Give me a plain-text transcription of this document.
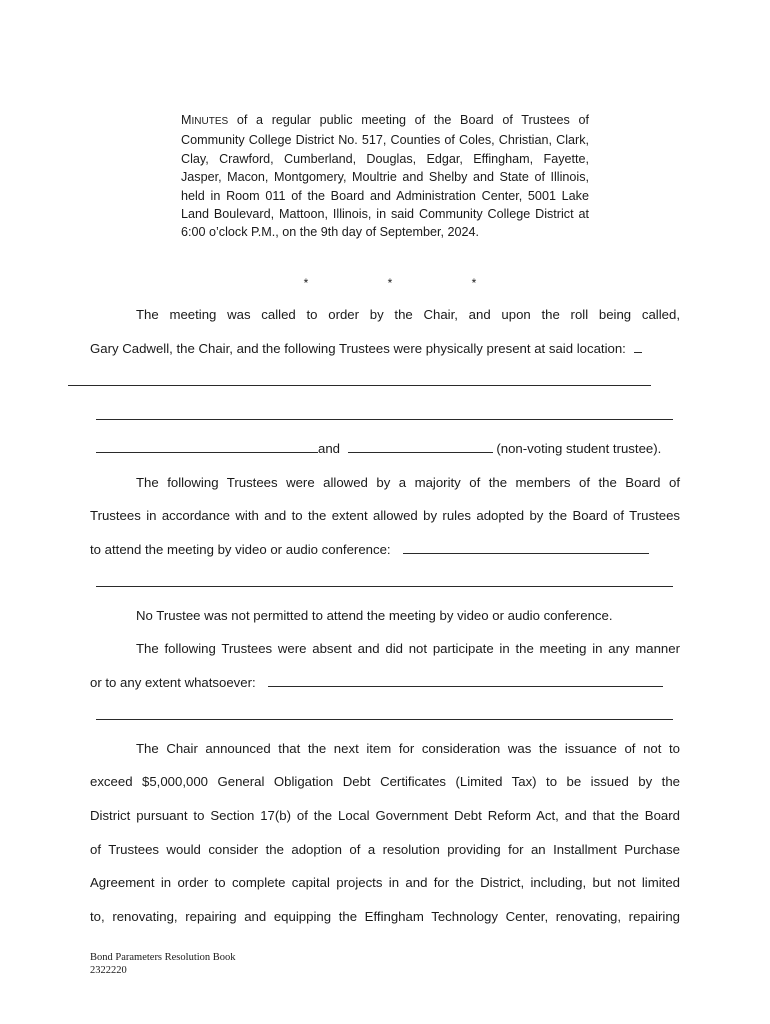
MINUTES of a regular public meeting of the Board of Trustees of Community College District No. 517, Counties of Coles, Christian, Clark, Clay, Crawford, Cumberland, Douglas, Edgar, Effingham, Fayette, Jasper, Macon, Montgomery, Moultrie and Shelby and State of Illinois, held in Room 011 of the Board and Administration Center, 5001 Lake Land Boulevard, Mattoon, Illinois, in said Community College District at 6:00 o’clock P.M., on the 9th day of September, 2024.
*	*	*
The meeting was called to order by the Chair, and upon the roll being called,
Gary Cadwell, the Chair, and the following Trustees were physically present at said location:
and	(non-voting student trustee).
The following Trustees were allowed by a majority of the members of the Board of
Trustees in accordance with and to the extent allowed by rules adopted by the Board of Trustees
to attend the meeting by video or audio conference:
No Trustee was not permitted to attend the meeting by video or audio conference.
The following Trustees were absent and did not participate in the meeting in any manner
or to any extent whatsoever:
The Chair announced that the next item for consideration was the issuance of not to
exceed $5,000,000 General Obligation Debt Certificates (Limited Tax) to be issued by the
District pursuant to Section 17(b) of the Local Government Debt Reform Act, and that the Board
of Trustees would consider the adoption of a resolution providing for an Installment Purchase
Agreement in order to complete capital projects in and for the District, including, but not limited
to, renovating, repairing and equipping the Effingham Technology Center, renovating, repairing
Bond Parameters Resolution Book
2322220
